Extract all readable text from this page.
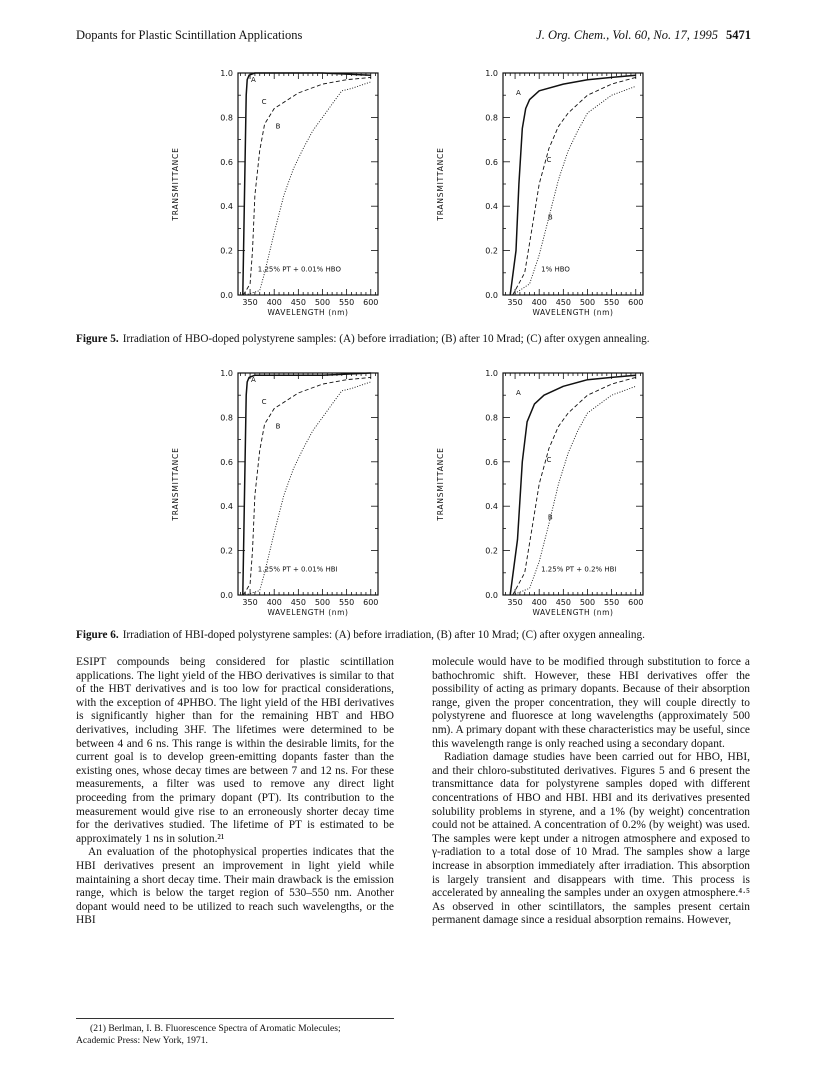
Dopants for Plastic Scintillation Applications	J. Org. Chem., Vol. 60, No. 17, 1995 5471
0.0
0.2
0.4
0.6
0.8
1.0
350 400 450 500 550 600
WAVELENGTH (nm)
TRANSMITTANCE
A
C
B
1.25% PT + 0.01% HBO
0.0
0.2
0.4
0.6
0.8
1.0
350 400 450 500 550 600
WAVELENGTH (nm)
TRANSMITTANCE
A
C
B
1% HBO
Figure 5. Irradiation of HBO-doped polystyrene samples: (A) before irradiation; (B) after 10 Mrad; (C) after oxygen annealing.
0.0
0.2
0.4
0.6
0.8
1.0
350 400 450 500 550 600
WAVELENGTH (nm)
TRANSMITTANCE
A
C
B
1.25% PT + 0.01% HBI
0.0
0.2
0.4
0.6
0.8
1.0
350 400 450 500 550 600
WAVELENGTH (nm)
TRANSMITTANCE
A
C
B
1.25% PT + 0.2% HBI
Figure 6. Irradiation of HBI-doped polystyrene samples: (A) before irradiation, (B) after 10 Mrad; (C) after oxygen annealing.

ESIPT compounds being considered for plastic scintillation applications. The light yield of the HBO derivatives is similar to that of the HBT derivatives and is too low for practical considerations, with the exception of 4PHBO. The light yield of the HBI derivatives is significantly higher than for the remaining HBT and HBO derivatives, including 3HF. The lifetimes were determined to be between 4 and 6 ns. This range is within the desirable limits, for the current goal is to develop green-emitting dopants faster than the existing ones, whose decay times are between 7 and 12 ns. For these measurements, a filter was used to remove any direct light proceeding from the primary dopant (PT). Its contribution to the measurement would give rise to an erroneously shorter decay time for the derivatives studied. The lifetime of PT is estimated to be approximately 1 ns in solution.²¹

An evaluation of the photophysical properties indicates that the HBI derivatives present an improvement in light yield while maintaining a short decay time. Their main drawback is the emission range, which is below the target region of 530–550 nm. Another dopant would need to be utilized to reach such wavelengths, or the HBI

molecule would have to be modified through substitution to force a bathochromic shift. However, these HBI derivatives offer the possibility of acting as primary dopants. Because of their absorption range, given the proper concentration, they will couple directly to polystyrene and fluoresce at long wavelengths (approximately 500 nm). A primary dopant with these characteristics may be useful, since this wavelength range is only reached using a secondary dopant.

Radiation damage studies have been carried out for HBO, HBI, and their chloro-substituted derivatives. Figures 5 and 6 present the transmittance data for polystyrene samples doped with different concentrations of HBO and HBI. HBI and its derivatives presented solubility problems in styrene, and a 1% (by weight) concentration could not be attained. A concentration of 0.2% (by weight) was used. The samples were kept under a nitrogen atmosphere and exposed to γ-radiation to a total dose of 10 Mrad. The samples show a large increase in absorption immediately after irradiation. This absorption is largely transient and disappears with time. This process is accelerated by annealing the samples under an oxygen atmosphere.⁴·⁵ As observed in other scintillators, the samples present certain permanent damage since a residual absorption remains. However,

(21) Berlman, I. B. Fluorescence Spectra of Aromatic Molecules;
Academic Press: New York, 1971.
